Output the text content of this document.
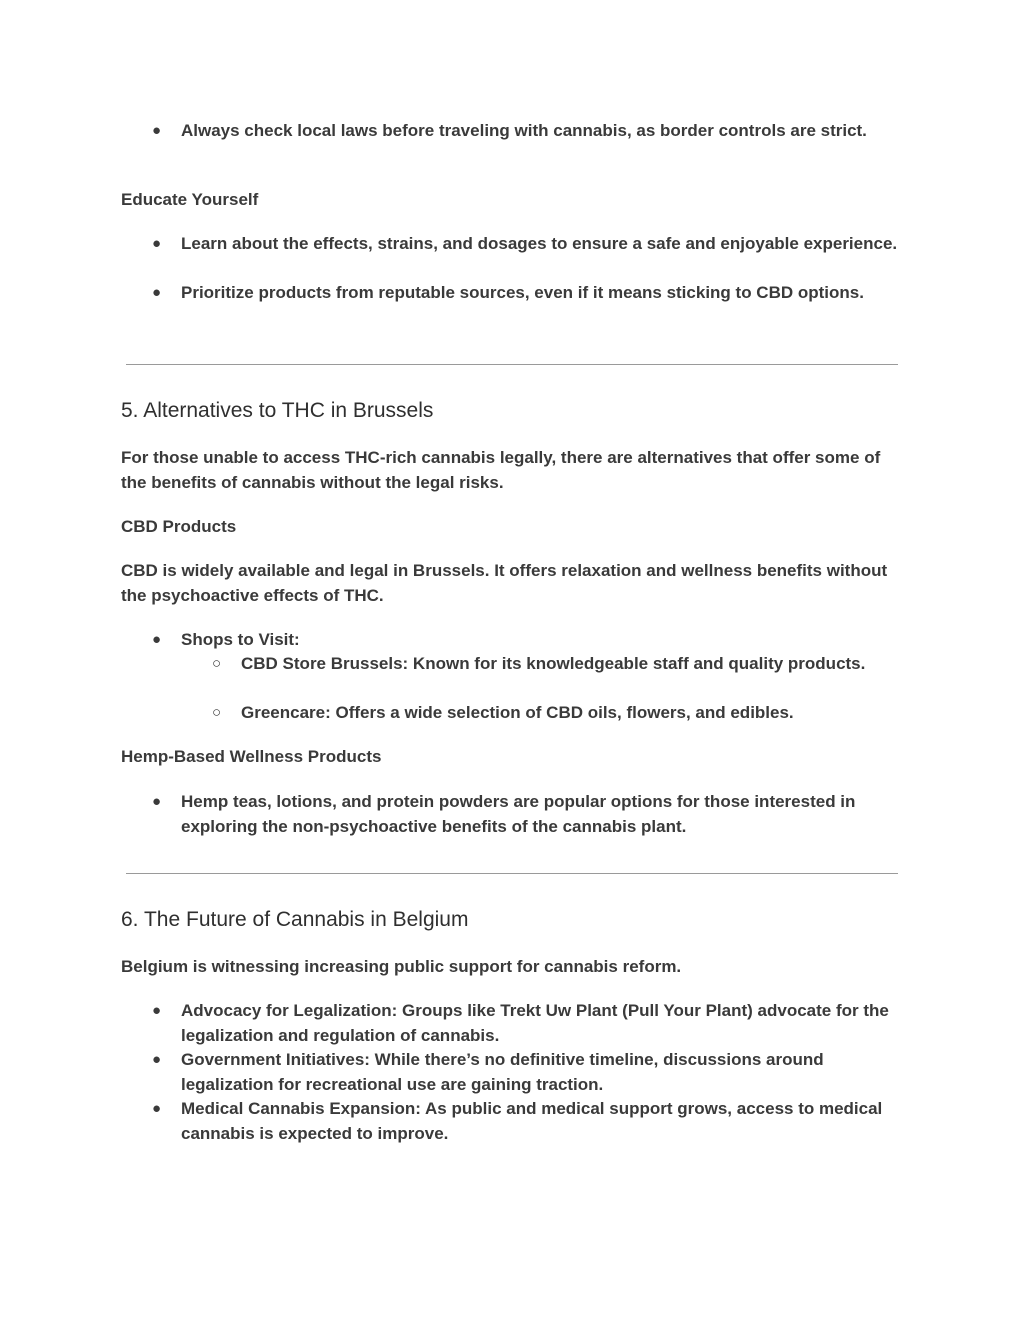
● Always check local laws before traveling with cannabis, as border controls are strict.
Educate Yourself
● Learn about the effects, strains, and dosages to ensure a safe and enjoyable experience.
● Prioritize products from reputable sources, even if it means sticking to CBD options.
5. Alternatives to THC in Brussels
For those unable to access THC-rich cannabis legally, there are alternatives that offer some of the benefits of cannabis without the legal risks.
CBD Products
CBD is widely available and legal in Brussels. It offers relaxation and wellness benefits without the psychoactive effects of THC.
● Shops to Visit:
○ CBD Store Brussels: Known for its knowledgeable staff and quality products.
○ Greencare: Offers a wide selection of CBD oils, flowers, and edibles.
Hemp-Based Wellness Products
● Hemp teas, lotions, and protein powders are popular options for those interested in exploring the non-psychoactive benefits of the cannabis plant.
6. The Future of Cannabis in Belgium
Belgium is witnessing increasing public support for cannabis reform.
● Advocacy for Legalization: Groups like Trekt Uw Plant (Pull Your Plant) advocate for the legalization and regulation of cannabis.
● Government Initiatives: While there’s no definitive timeline, discussions around legalization for recreational use are gaining traction.
● Medical Cannabis Expansion: As public and medical support grows, access to medical cannabis is expected to improve.
